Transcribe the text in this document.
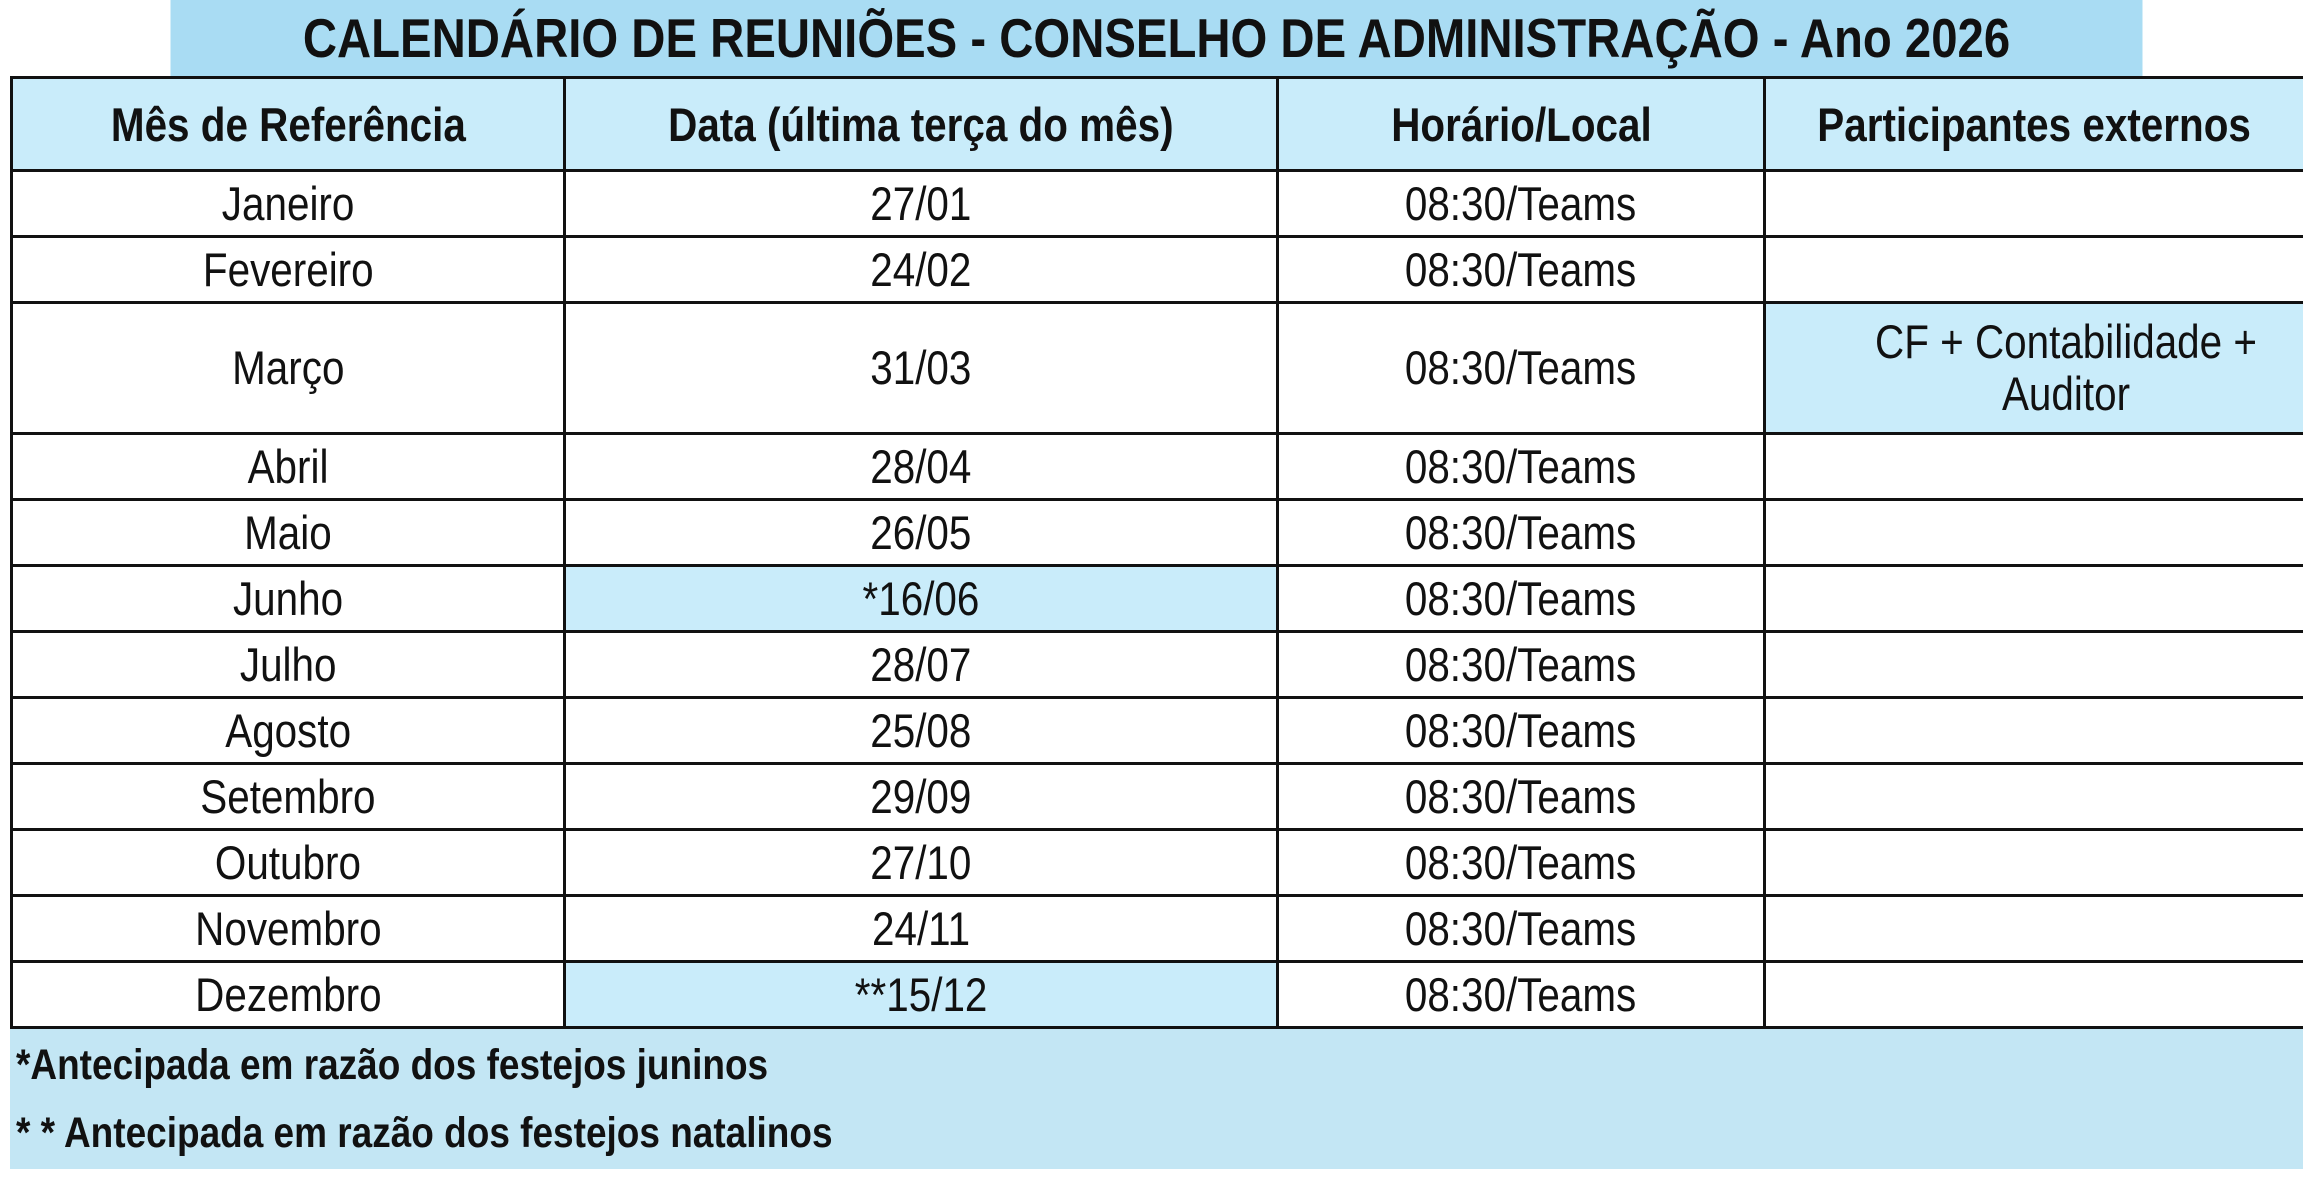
CALENDÁRIO DE REUNIÕES - CONSELHO DE ADMINISTRAÇÃO - Ano 2026
Mês de Referência	Data (última terça do mês)	Horário/Local	Participantes externos
Janeiro	27/01	08:30/Teams	
Fevereiro	24/02	08:30/Teams	
Março	31/03	08:30/Teams	CF + Contabilidade + Auditor
Abril	28/04	08:30/Teams	
Maio	26/05	08:30/Teams	
Junho	*16/06	08:30/Teams	
Julho	28/07	08:30/Teams	
Agosto	25/08	08:30/Teams	
Setembro	29/09	08:30/Teams	
Outubro	27/10	08:30/Teams	
Novembro	24/11	08:30/Teams	
Dezembro	**15/12	08:30/Teams	
*Antecipada em razão dos festejos juninos
* * Antecipada em razão dos festejos natalinos
